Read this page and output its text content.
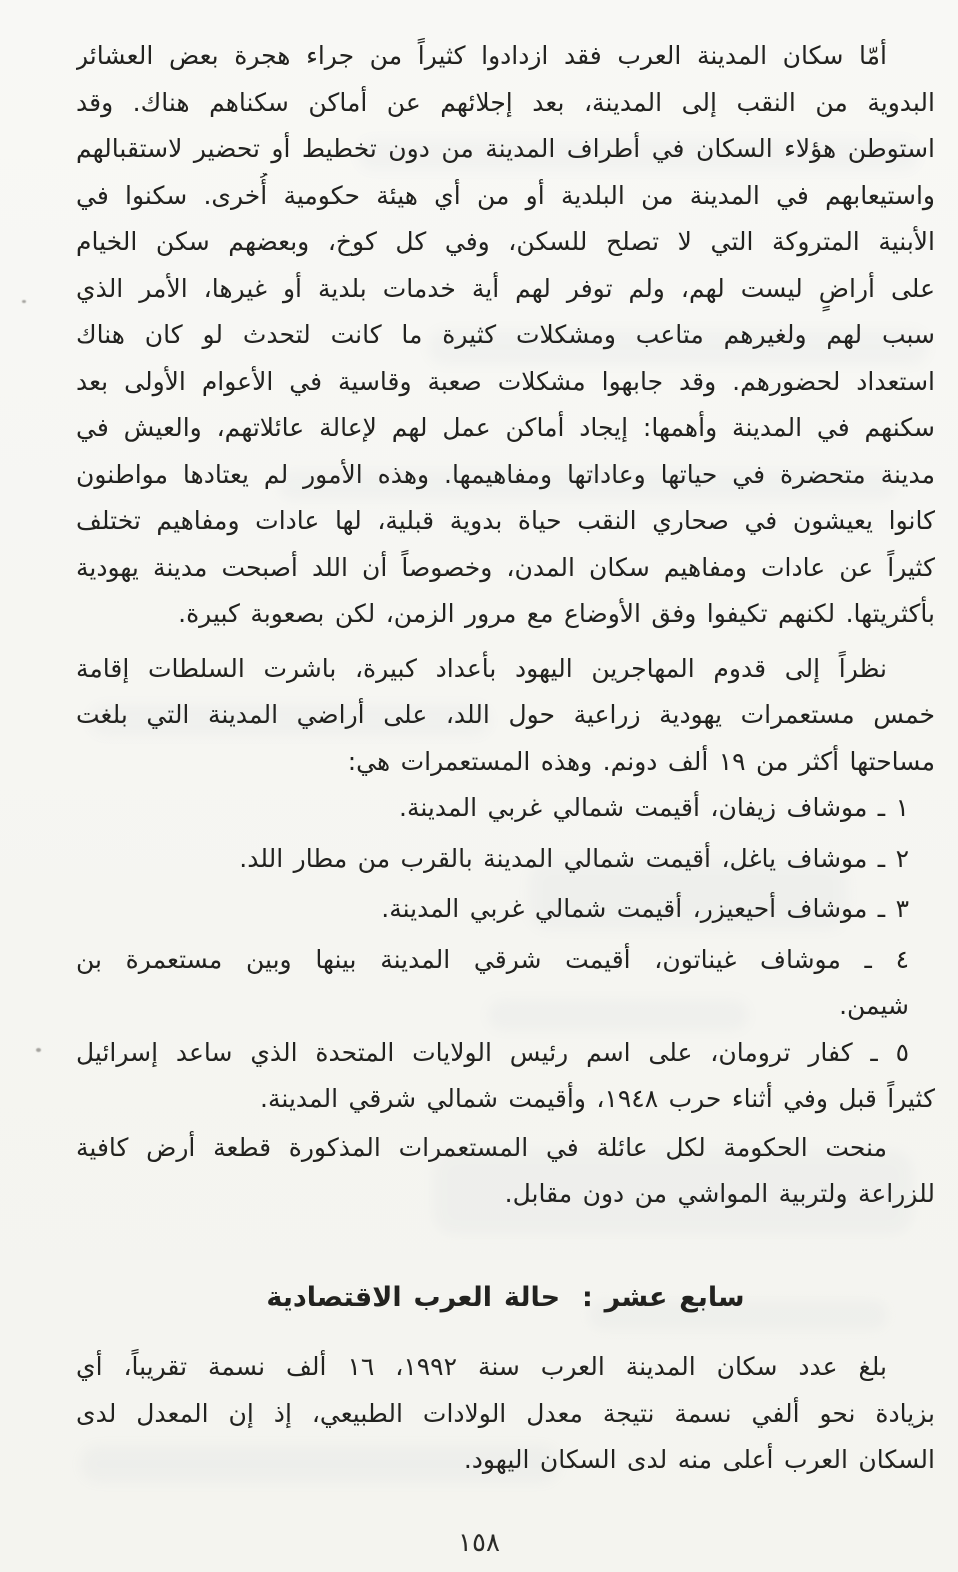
أمّا سكان المدينة العرب فقد ازدادوا كثيراً من جراء هجرة بعض العشائر
البدوية من النقب إلى المدينة، بعد إجلائهم عن أماكن سكناهم هناك. وقد
استوطن هؤلاء السكان في أطراف المدينة من دون تخطيط أو تحضير لاستقبالهم
واستيعابهم في المدينة من البلدية أو من أي هيئة حكومية أُخرى. سكنوا في
الأبنية المتروكة التي لا تصلح للسكن، وفي كل كوخ، وبعضهم سكن الخيام
على أراضٍ ليست لهم، ولم توفر لهم أية خدمات بلدية أو غيرها، الأمر الذي
سبب لهم ولغيرهم متاعب ومشكلات كثيرة ما كانت لتحدث لو كان هناك
استعداد لحضورهم. وقد جابهوا مشكلات صعبة وقاسية في الأعوام الأولى بعد
سكنهم في المدينة وأهمها: إيجاد أماكن عمل لهم لإعالة عائلاتهم، والعيش في
مدينة متحضرة في حياتها وعاداتها ومفاهيمها. وهذه الأمور لم يعتادها مواطنون
كانوا يعيشون في صحاري النقب حياة بدوية قبلية، لها عادات ومفاهيم تختلف
كثيراً عن عادات ومفاهيم سكان المدن، وخصوصاً أن اللد أصبحت مدينة يهودية
بأكثريتها. لكنهم تكيفوا وفق الأوضاع مع مرور الزمن، لكن بصعوبة كبيرة.
نظراً إلى قدوم المهاجرين اليهود بأعداد كبيرة، باشرت السلطات إقامة
خمس مستعمرات يهودية زراعية حول اللد، على أراضي المدينة التي بلغت
مساحتها أكثر من ١٩ ألف دونم. وهذه المستعمرات هي:
١ ـ موشاف زيفان، أقيمت شمالي غربي المدينة.
٢ ـ موشاف ياغل، أقيمت شمالي المدينة بالقرب من مطار اللد.
٣ ـ موشاف أحيعيزر، أقيمت شمالي غربي المدينة.
٤ ـ موشاف غيناتون، أقيمت شرقي المدينة بينها وبين مستعمرة بن
شيمن.
٥ ـ كفار ترومان، على اسم رئيس الولايات المتحدة الذي ساعد إسرائيل
كثيراً قبل وفي أثناء حرب ١٩٤٨، وأقيمت شمالي شرقي المدينة.
منحت الحكومة لكل عائلة في المستعمرات المذكورة قطعة أرض كافية
للزراعة ولتربية المواشي من دون مقابل.
سابع عشر : حالة العرب الاقتصادية
بلغ عدد سكان المدينة العرب سنة ١٩٩٢، ١٦ ألف نسمة تقريباً، أي
بزيادة نحو ألفي نسمة نتيجة معدل الولادات الطبيعي، إذ إن المعدل لدى
السكان العرب أعلى منه لدى السكان اليهود.
١٥٨
